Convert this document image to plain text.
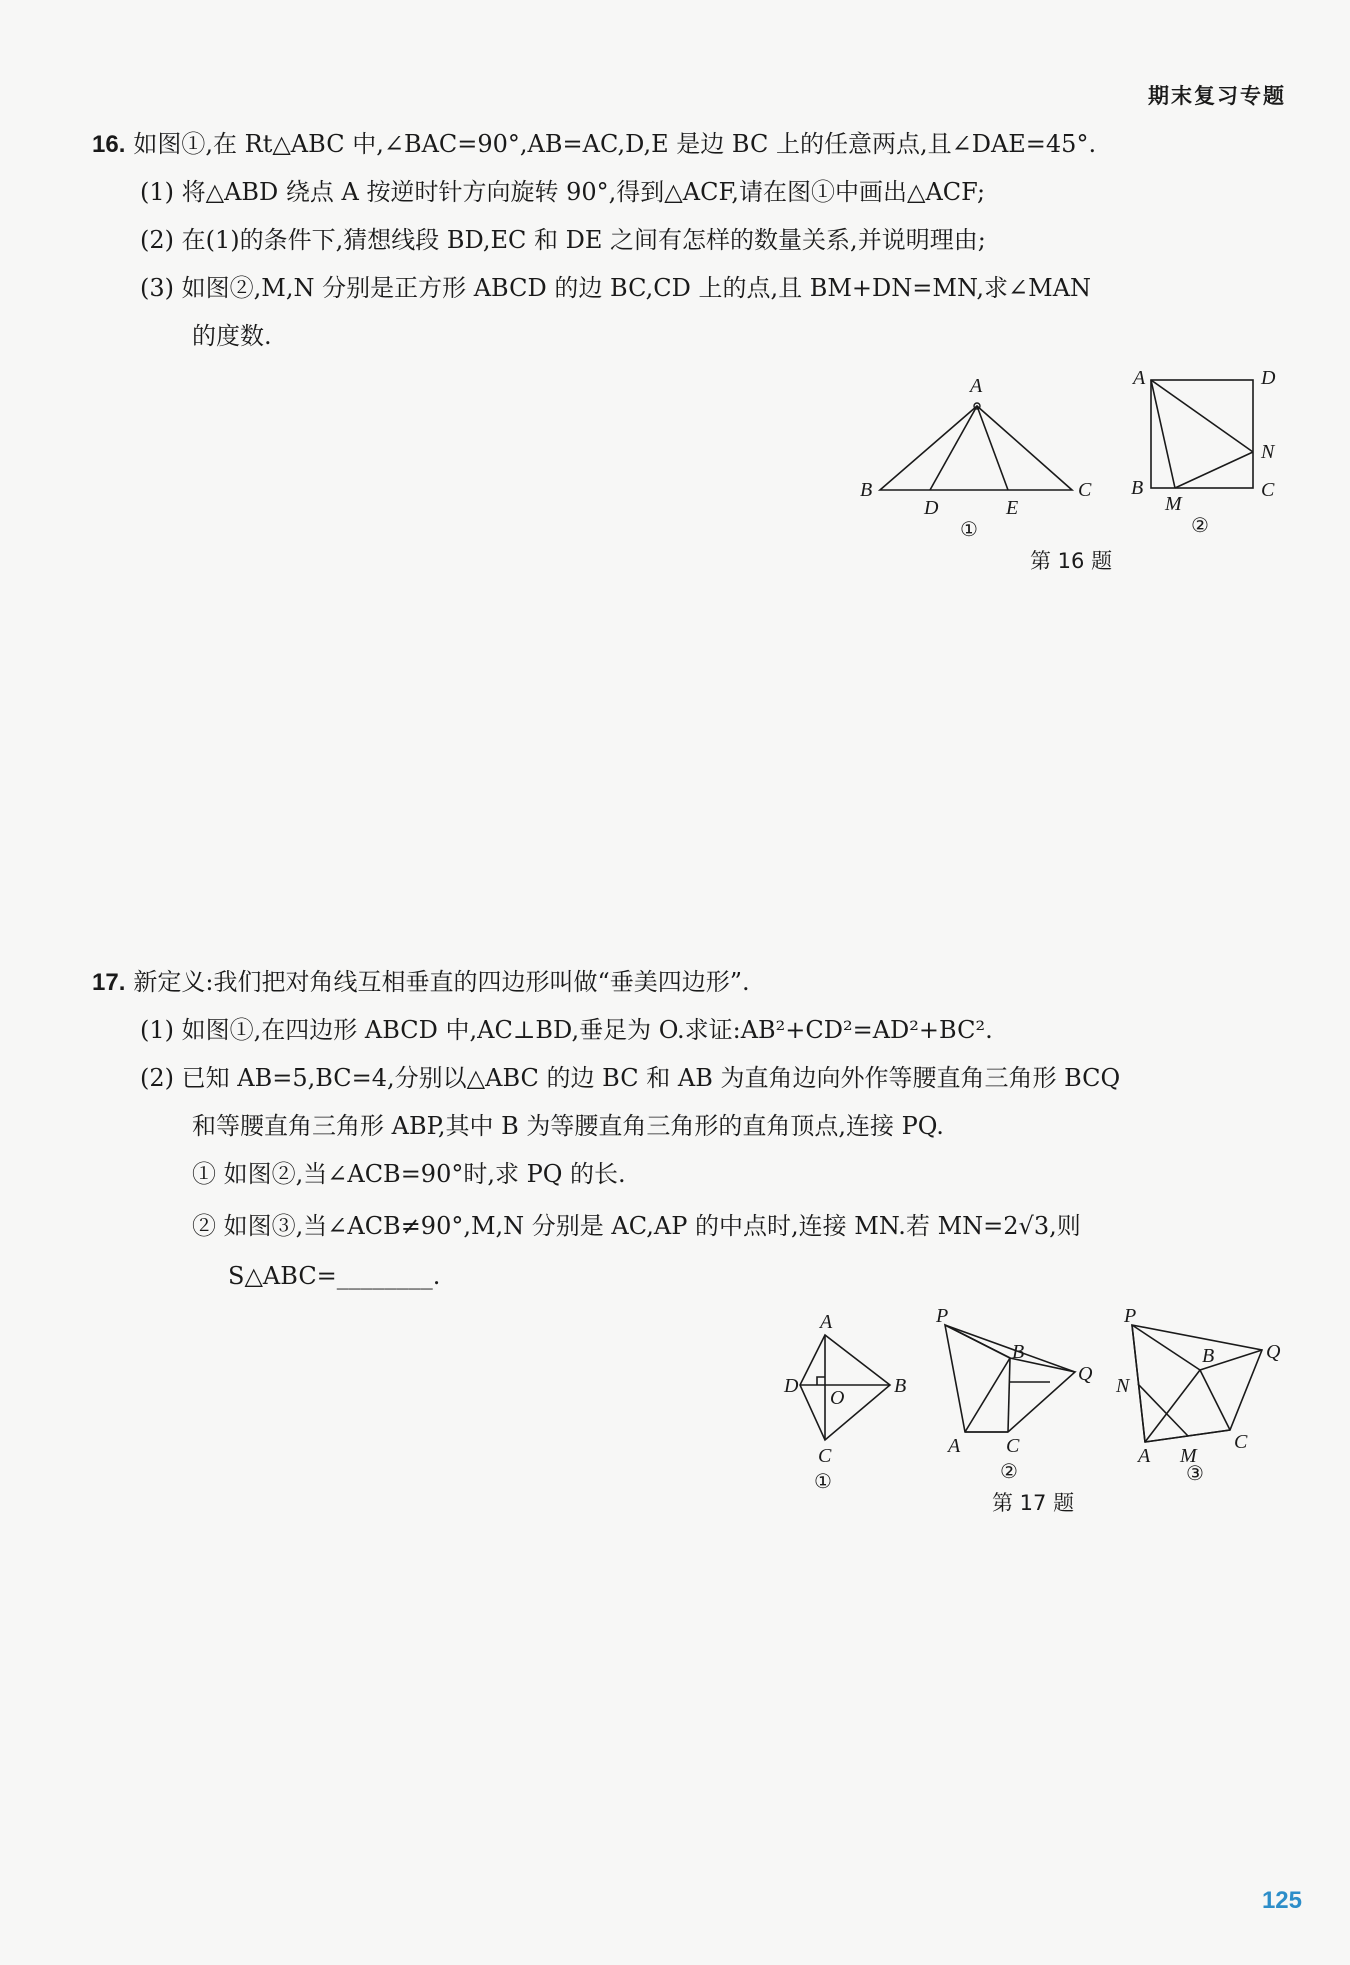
期末复习专题
16. 如图①,在 Rt△ABC 中,∠BAC=90°,AB=AC,D,E 是边 BC 上的任意两点,且∠DAE=45°.
(1) 将△ABD 绕点 A 按逆时针方向旋转 90°,得到△ACF,请在图①中画出△ACF;
(2) 在(1)的条件下,猜想线段 BD,EC 和 DE 之间有怎样的数量关系,并说明理由;
(3) 如图②,M,N 分别是正方形 ABCD 的边 BC,CD 上的点,且 BM+DN=MN,求∠MAN
的度数.
A
B	C
D	E
①
A	D
N
B
M
C
②
第 16 题
17. 新定义:我们把对角线互相垂直的四边形叫做“垂美四边形”.
(1) 如图①,在四边形 ABCD 中,AC⊥BD,垂足为 O.求证:AB²+CD²=AD²+BC².
(2) 已知 AB=5,BC=4,分别以△ABC 的边 BC 和 AB 为直角边向外作等腰直角三角形 BCQ
和等腰直角三角形 ABP,其中 B 为等腰直角三角形的直角顶点,连接 PQ.
① 如图②,当∠ACB=90°时,求 PQ 的长.
② 如图③,当∠ACB≠90°,M,N 分别是 AC,AP 的中点时,连接 MN.若 MN=2√3,则
S△ABC=________.
A
D
O
B
C
①
P
B
Q
A C
②
P
B	Q
N
A M
C
③
第 17 题
125
